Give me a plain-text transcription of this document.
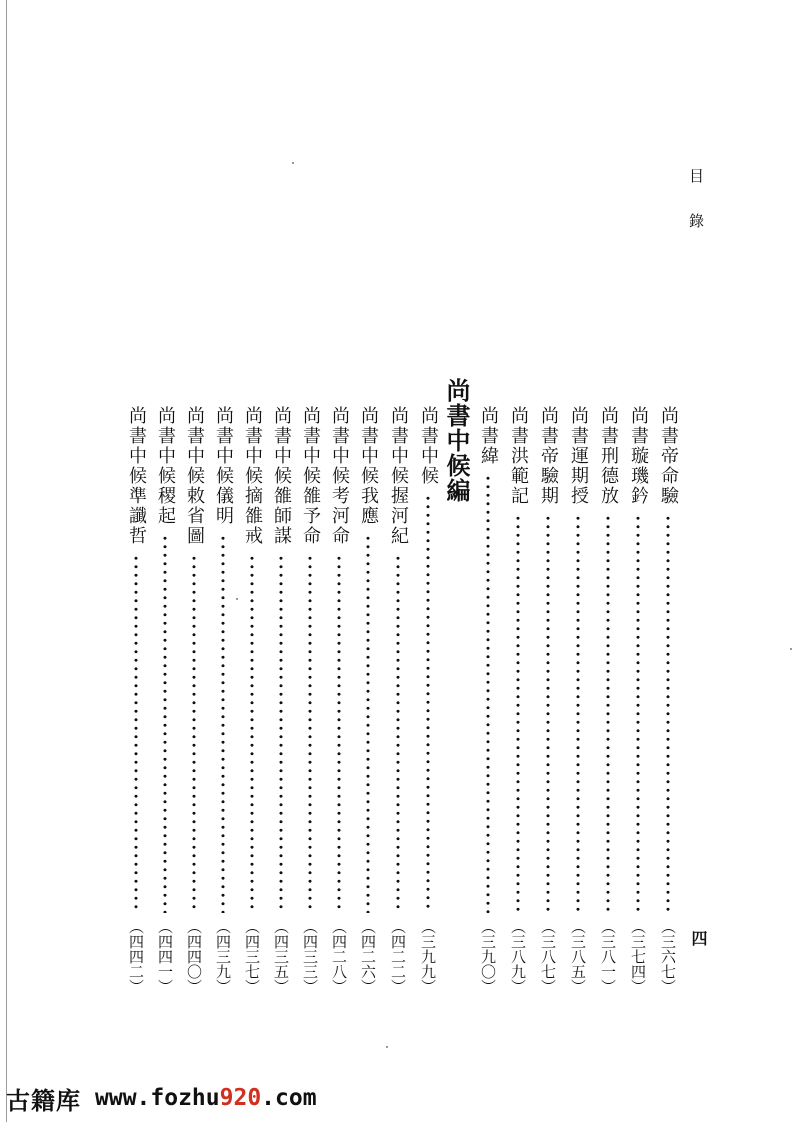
目錄
四
尚書中候編	尚書帝命驗
（三六七）
尚書璇璣鈐
（三七四）
尚書刑德放
（三八一）
尚書運期授
（三八五）
尚書帝驗期
（三八七）
尚書洪範記
（三八九）
尚書緯
（三九〇）
尚書中候
（三九九）
尚書中候握河紀
（四二二）
尚書中候我應
（四二六）
尚書中候考河命
（四二八）
尚書中候雒予命
（四三三）
尚書中候雒師謀
（四三五）
尚書中候摘雒戒
（四三七）
尚書中候儀明
（四三九）
尚書中候敕省圖
（四四〇）
尚書中候稷起
（四四一）
尚書中候準讖哲
（四四二）
古籍库 www.fozhu920.com
